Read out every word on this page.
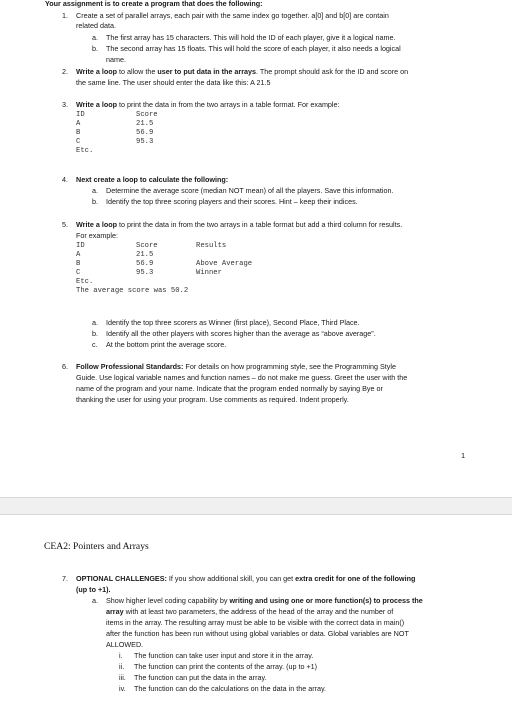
Your assignment is to create a program that does the following:
1. Create a set of parallel arrays, each pair with the same index go together. a[0] and b[0] are contain
related data.
a. The first array has 15 characters. This will hold the ID of each player, give it a logical name.
b. The second array has 15 floats. This will hold the score of each player, it also needs a logical
name.
2. Write a loop to allow the user to put data in the arrays. The prompt should ask for the ID and score on
the same line. The user should enter the data like this: A 21.5
3. Write a loop to print the data in from the two arrays in a table format. For example:
ID	Score
A	21.5
B	56.9
C	95.3
Etc.
4. Next create a loop to calculate the following:
a. Determine the average score (median NOT mean) of all the players. Save this information.
b. Identify the top three scoring players and their scores. Hint – keep their indices.
5. Write a loop to print the data in from the two arrays in a table format but add a third column for results.
For example:
ID	Score	Results
A	21.5
B	56.9	Above Average
C	95.3	Winner
Etc.
The average score was 50.2
a. Identify the top three scorers as Winner (first place), Second Place, Third Place.
b. Identify all the other players with scores higher than the average as “above average”.
c. At the bottom print the average score.
6. Follow Professional Standards: For details on how programming style, see the Programming Style
Guide. Use logical variable names and function names – do not make me guess. Greet the user with the
name of the program and your name. Indicate that the program ended normally by saying Bye or
thanking the user for using your program. Use comments as required. Indent properly.
1
CEA2: Pointers and Arrays
7. OPTIONAL CHALLENGES: If you show additional skill, you can get extra credit for one of the following
(up to +1).
a. Show higher level coding capability by writing and using one or more function(s) to process the
array with at least two parameters, the address of the head of the array and the number of
items in the array. The resulting array must be able to be visible with the correct data in main()
after the function has been run without using global variables or data. Global variables are NOT
ALLOWED.
i. The function can take user input and store it in the array.
ii. The function can print the contents of the array. (up to +1)
iii. The function can put the data in the array.
iv. The function can do the calculations on the data in the array.
